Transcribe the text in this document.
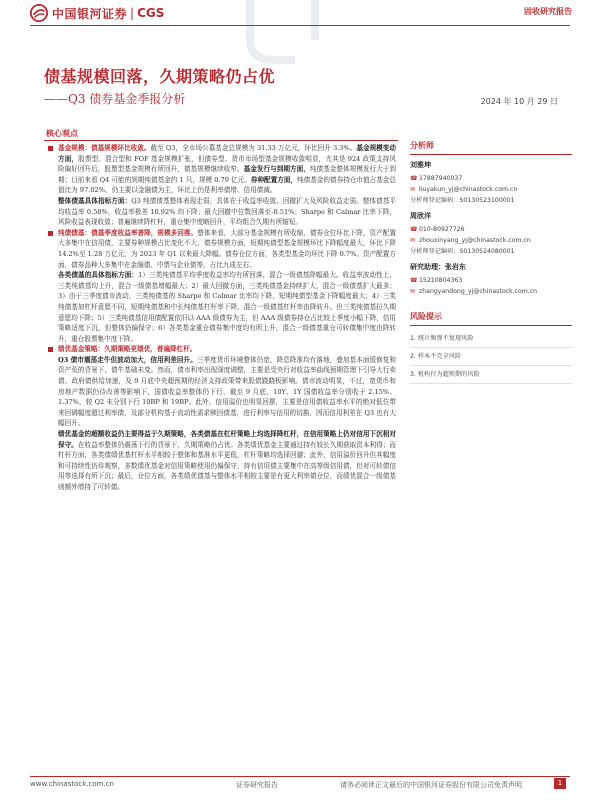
中国银河证券 | CGS	固收研究报告
债基规模回落，久期策略仍占优
——Q3 债券基金季报分析	2024 年 10 月 29 日
核心观点
基金规模：债基规模环比收敛。截至 Q3，全市场公募基金总规模为 31.33 万亿元，环比回升 3.3%。基金规模变动方面，股票型、混合型和 FOF 基金规模扩张，但债券型、货币市场型基金规模收敛明显，尤其是 924 政策支持风险偏好回升后，股票型基金规模有所回升，债基规模继续收窄。基金发行与到期方面，纯债基金整体规模发行大于到期；目前来看 Q4 可能的到期纯债基金约 1 只，规模 0.79 亿元。券种配置方面，纯债基金的债券持仓市值占基金总值比为 97.02%，仍主要以金融债为主，环比上仍是利率债增、信用债减。
整体债基具体指标方面：Q3 纯债债基整体表现走弱，具体在于收益率收敛、回撤扩大及风险收益走弱。整体债基平均收益率 0.58%，收益率极差 10.92% 均下降；最大回撤中位数回落至-0.51%；Sharpe 和 Calmar 比率下降，风险收益表现收敛；普遍继续降杠杆，重仓集中度略回升，平均组合久期有所缩短。
纯债债基：债基季度收益率普降，规模多回落。整体来看，大部分基金规模有所收缩，债券仓位环比下降，资产配置大多集中在信用债，主要券种规模占比变化不大，债券规模方面，短期纯债型基金规模环比下降幅度最大，环比下降 14.2%至 1.28 万亿元，为 2023 年 Q1 以来最大降幅。债券仓位方面，各类型基金均环比下降 0.7%。资产配置方面，债券品种大多集中在金融债、中票与企业债等，占比九成左右。
各类债基的具体指标方面：1）三类纯债基平均季度收益率均有所回落，混合一级债基降幅最大。收益率波动性上，三类纯债基均上升，混合一级债基增幅最大；2）最大回撤方面，三类纯债基金持续扩大，混合一级债基扩大最多；3）由于三季度债市波动，三类纯债基的 Sharpe 和 Calmar 比率均下降，短期纯债型基金下降幅度最大；4）三类纯债基加杠杆意愿不同，短期纯债基和中长纯债基杠杆率下降，混合一级债基杠杆率由降转升。但三类纯债基拉久期意愿均下降；5）三类纯债基信用债配置依旧以 AAA 级债券为主，但 AAA 级债券持仓占比较上季度小幅下降，信用策略适度下沉，但整体仍偏保守；6）各类基金重仓债券集中度均有所上升，混合一级债基重仓可转债集中度由降转升，重仓股票集中度下降。
绩优基金策略：久期策略更绩优，普遍降杠杆。
Q3 债市震荡走牛但波动加大，信用利差回升。三季度货币环境整体仍宽，降息降准均有落地，叠加基本面缓修复和资产荒的背景下，债牛基础未变。然而，债市利率出现深度调整，主要是受央行对收益率曲线预期管理下引导大行卖债、政府债供给加速，及 9 月底中央超预期的经济支持政策带来股债跷跷板影响。债市波动明显，不过，宽货币和房地产数据仍待改善等影响下，国债收益率整体仍下行，截至 9 月底，10Y、1Y 国债收益率分别收于 2.15%、1.37%，较 Q2 末分别下行 10BP 和 19BP。此外，信用溢价也明显回摆，主要是信用债收益率水平的绝对低位带来回调幅度超过利率债，及部分机构基于流动性需求赎回债基，进行利率与信用的切换，因而信用利差在 Q3 也有大幅回升。
绩优基金的超额收益仍主要得益于久期策略，各类债基在杠杆策略上均选择降杠杆，在信用策略上仍对信用下沉相对保守。在收益率整体仍震荡下行的背景下，久期策略仍占优。各类绩优基金主要通过持有较长久期获取资本利得；而杠杆方面，各类债绩优基杠杆水平相较于整体和基准水平更低，杠杆策略均选择回避；此外，信用溢价回升但其幅度和可持续性仍待观察，多数绩优基金对信用策略使用仍偏保守，持有信用债主要集中在高等级信用债，但对可转债信用等选择有所下沉；最后，仓位方面，各类绩优债基与整体水平相较主要是有更大利率债仓位，而绩优混合一级债基则额外增持了可转债。
分析师
刘雅坤
☎ 17887940037
✉ liuyakun_yj@chinastock.com.cn
分析师登记编码：S0130523100001
周欣洋
☎ 010-80927726
✉ zhouxinyang_yj@chinastock.com.cn
分析师登记编码：S0130524080001
研究助理：张岩东
☎ 15210804363
✉ zhangyandong_yj@chinastock.com.cn
风险提示
1. 统计频弹不复现风险
2. 样本不完全风险
3. 机构行为超预期的风险
www.chinastock.com.cn	证券研究报告	请务必阅读正文最后的中国银河证券股份有限公司免责声明	1
